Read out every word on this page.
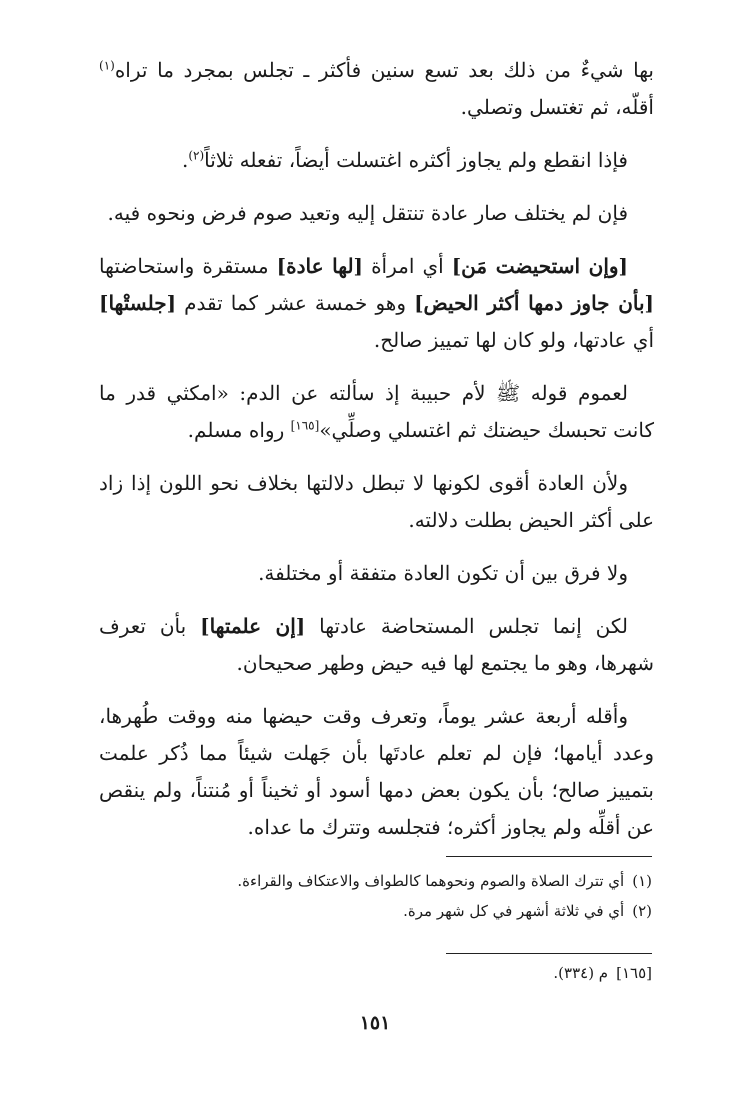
بها شيءٌ من ذلك بعد تسع سنين فأكثر ـ تجلس بمجرد ما تراه$^{(١)}$ أقلّه، ثم تغتسل وتصلي.

فإذا انقطع ولم يجاوز أكثره اغتسلت أيضاً، تفعله ثلاثاً$^{(٢)}$.

فإن لم يختلف صار عادة تنتقل إليه وتعيد صوم فرض ونحوه فيه.

[وإن استحيضت مَن] أي امرأة [لها عادة] مستقرة واستحاضتها [بأن جاوز دمها أكثر الحيض] وهو خمسة عشر كما تقدم [جلستْها] أي عادتها، ولو كان لها تمييز صالح.

لعموم قوله ﷺ لأم حبيبة إذ سألته عن الدم: «امكثي قدر ما كانت تحبسك حيضتك ثم اغتسلي وصلِّي»[١٦٥] رواه مسلم.

ولأن العادة أقوى لكونها لا تبطل دلالتها بخلاف نحو اللون إذا زاد على أكثر الحيض بطلت دلالته.

ولا فرق بين أن تكون العادة متفقة أو مختلفة.

لكن إنما تجلس المستحاضة عادتها [إن علمتها] بأن تعرف شهرها، وهو ما يجتمع لها فيه حيض وطهر صحيحان.

وأقله أربعة عشر يوماً، وتعرف وقت حيضها منه ووقت طُهرها، وعدد أيامها؛ فإن لم تعلم عادتَها بأن جَهلت شيئاً مما ذُكر علمت بتمييز صالح؛ بأن يكون بعض دمها أسود أو ثخيناً أو مُنتناً، ولم ينقص عن أقلِّه ولم يجاوز أكثره؛ فتجلسه وتترك ما عداه.

(١)أي تترك الصلاة والصوم ونحوهما كالطواف والاعتكاف والقراءة.
(٢)أي في ثلاثة أشهر في كل شهر مرة.
[١٦٥]م (٣٣٤).
١٥١
